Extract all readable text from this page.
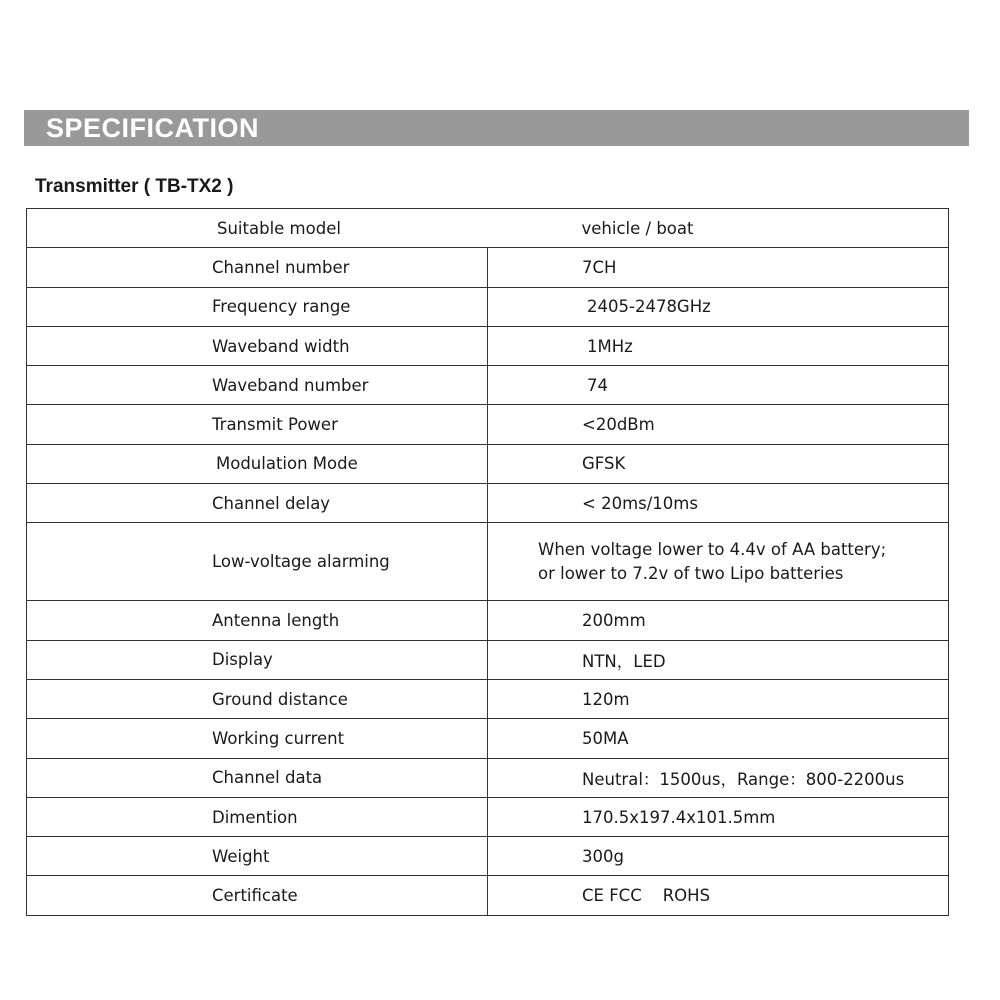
SPECIFICATION
Transmitter ( TB-TX2 )
Suitable model	vehicle / boat
Channel number	7CH
Frequency range	2405-2478GHz
Waveband width	1MHz
Waveband number	74
Transmit Power	<20dBm
Modulation Mode	GFSK
Channel delay	< 20ms/10ms
Low-voltage alarming	When voltage lower to 4.4v of AA battery;
or lower to 7.2v of two Lipo batteries

Antenna length	200mm
Display	NTN，LED
Ground distance	120m
Working current	50MA
Channel data	Neutral：1500us，Range：800-2200us
Dimention	170.5x197.4x101.5mm
Weight	300g
Certificate	CE FCC    ROHS
